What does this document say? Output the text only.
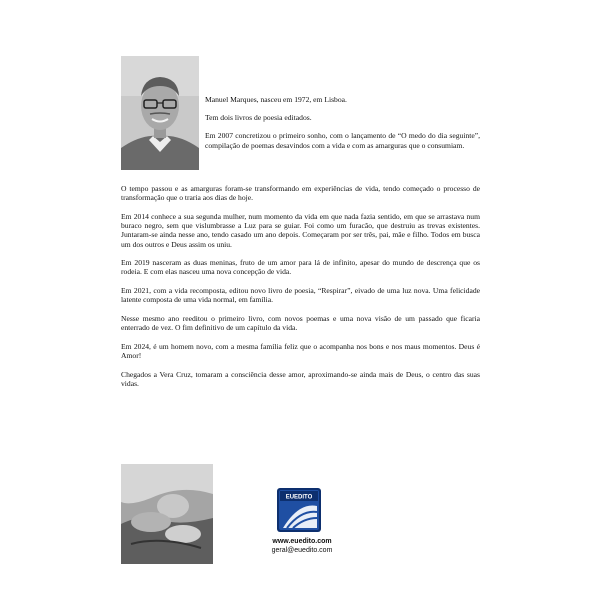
Manuel Marques, nasceu em 1972, em Lisboa.

Tem dois livros de poesia editados.

Em 2007 concretizou o primeiro sonho, com o lançamento de “O medo do dia seguinte”, compilação de poemas desavindos com a vida e com as amarguras que o consumiam.

O tempo passou e as amarguras foram-se transformando em experiências de vida, tendo começado o processo de transformação que o traria aos dias de hoje.

Em 2014 conhece a sua segunda mulher, num momento da vida em que nada fazia sentido, em que se arrastava num buraco negro, sem que vislumbrasse a Luz para se guiar. Foi como um furacão, que destruiu as trevas existentes. Juntaram-se ainda nesse ano, tendo casado um ano depois. Começaram por ser três, pai, mãe e filho. Todos em busca um dos outros e Deus assim os uniu.

Em 2019 nasceram as duas meninas, fruto de um amor para lá de infinito, apesar do mundo de descrença que os rodeia. E com elas nasceu uma nova concepção de vida.

Em 2021, com a vida recomposta, editou novo livro de poesia, “Respirar”, eivado de uma luz nova. Uma felicidade latente composta de uma vida normal, em família.

Nesse mesmo ano reeditou o primeiro livro, com novos poemas e uma nova visão de um passado que ficaria enterrado de vez. O fim definitivo de um capítulo da vida.

Em 2024, é um homem novo, com a mesma família feliz que o acompanha nos bons e nos maus momentos. Deus é Amor!

Chegados a Vera Cruz, tomaram a consciência desse amor, aproximando-se ainda mais de Deus, o centro das suas vidas.

EUEDITO
www.euedito.com
geral@euedito.com
